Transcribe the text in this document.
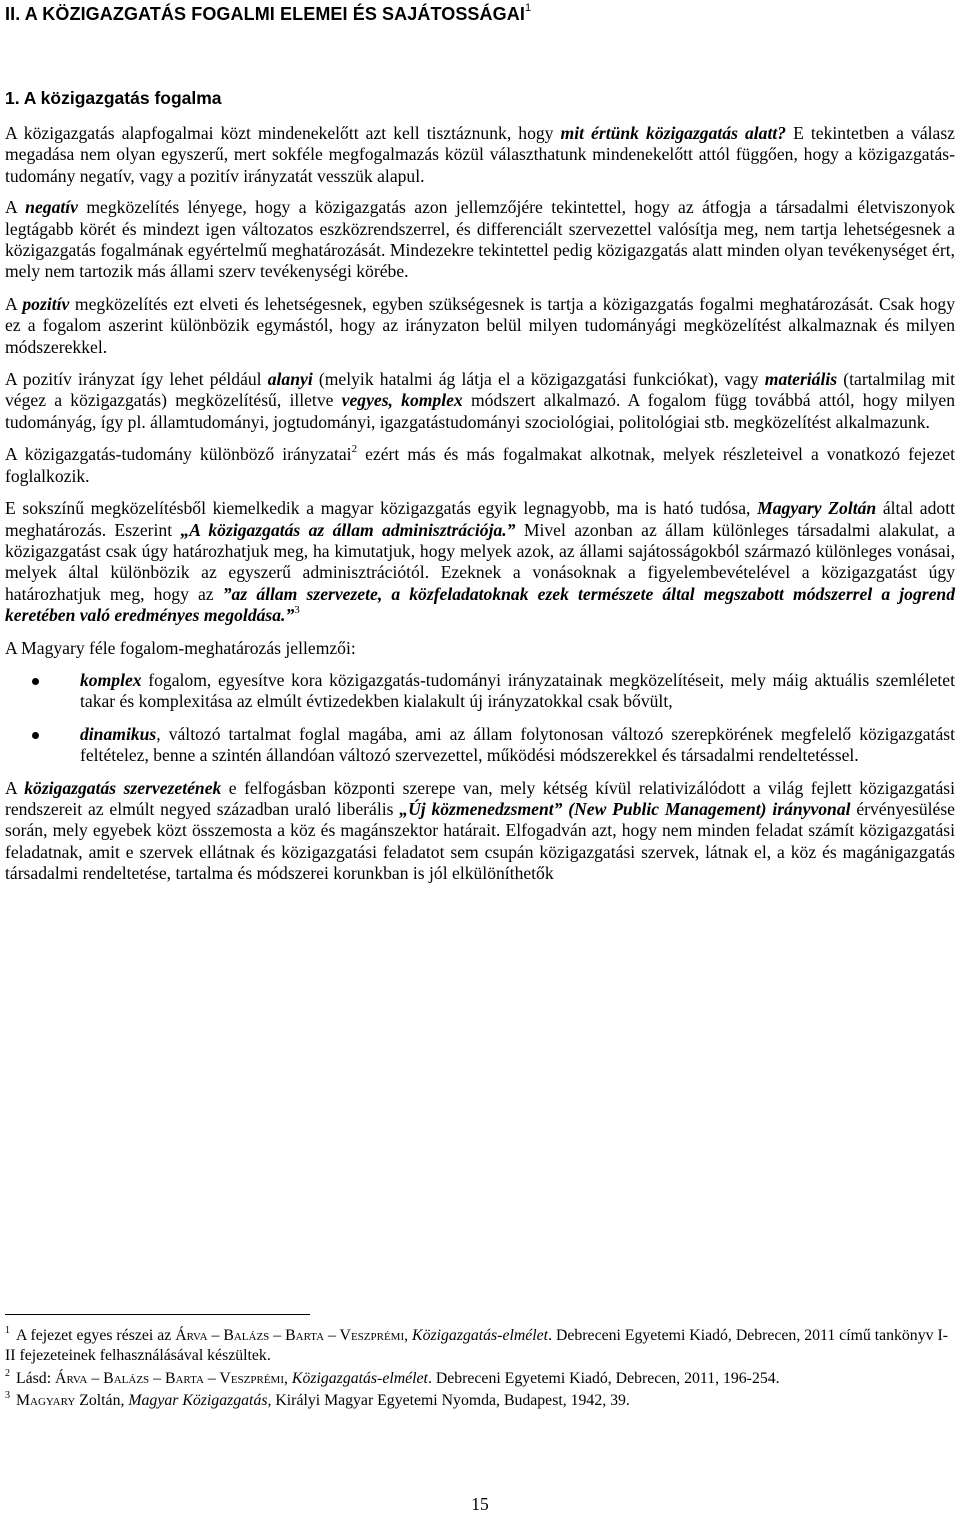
II. A KÖZIGAZGATÁS FOGALMI ELEMEI ÉS SAJÁTOSSÁGAI$^1$
1. A közigazgatás fogalma

A közigazgatás alapfogalmai közt mindenekelőtt azt kell tisztáznunk, hogy mit értünk közigazgatás alatt? E tekintetben a válasz megadása nem olyan egyszerű, mert sokféle megfogalmazás közül választhatunk mindenekelőtt attól függően, hogy a közigazgatás-tudomány negatív, vagy a pozitív irányzatát vesszük alapul.

A negatív megközelítés lényege, hogy a közigazgatás azon jellemzőjére tekintettel, hogy az átfogja a társadalmi életviszonyok legtágabb körét és mindezt igen változatos eszközrendszerrel, és differenciált szervezettel valósítja meg, nem tartja lehetségesnek a közigazgatás fogalmának egyértelmű meghatározását. Mindezekre tekintettel pedig közigazgatás alatt minden olyan tevékenységet ért, mely nem tartozik más állami szerv tevékenységi körébe.

A pozitív megközelítés ezt elveti és lehetségesnek, egyben szükségesnek is tartja a közigazgatás fogalmi meghatározását. Csak hogy ez a fogalom aszerint különbözik egymástól, hogy az irányzaton belül milyen tudományági megközelítést alkalmaznak és milyen módszerekkel.

A pozitív irányzat így lehet például alanyi (melyik hatalmi ág látja el a közigazgatási funkciókat), vagy materiális (tartalmilag mit végez a közigazgatás) megközelítésű, illetve vegyes, komplex módszert alkalmazó. A fogalom függ továbbá attól, hogy milyen tudományág, így pl. államtudományi, jogtudományi, igazgatástudományi szociológiai, politológiai stb. megközelítést alkalmazunk.

A közigazgatás-tudomány különböző irányzatai$^2$ ezért más és más fogalmakat alkotnak, melyek részleteivel a vonatkozó fejezet foglalkozik.

E sokszínű megközelítésből kiemelkedik a magyar közigazgatás egyik legnagyobb, ma is ható tudósa, Magyary Zoltán által adott meghatározás. Eszerint „A közigazgatás az állam adminisztrációja.” Mivel azonban az állam különleges társadalmi alakulat, a közigazgatást csak úgy határozhatjuk meg, ha kimutatjuk, hogy melyek azok, az állami sajátosságokból származó különleges vonásai, melyek által különbözik az egyszerű adminisztrációtól. Ezeknek a vonásoknak a figyelembevételével a közigazgatást úgy határozhatjuk meg, hogy az ”az állam szervezete, a közfeladatoknak ezek természete által megszabott módszerrel a jogrend keretében való eredményes megoldása.”$^3$

A Magyary féle fogalom-meghatározás jellemzői:

komplex fogalom, egyesítve kora közigazgatás-tudományi irányzatainak megközelítéseit, mely máig aktuális szemléletet takar és komplexitása az elmúlt évtizedekben kialakult új irányzatokkal csak bővült,
dinamikus, változó tartalmat foglal magába, ami az állam folytonosan változó szerepkörének megfelelő közigazgatást feltételez, benne a szintén állandóan változó szervezettel, működési módszerekkel és társadalmi rendeltetéssel.

A közigazgatás szervezetének e felfogásban központi szerepe van, mely kétség kívül relativizálódott a világ fejlett közigazgatási rendszereit az elmúlt negyed században uraló liberális „Új közmenedzsment” (New Public Management) irányvonal érvényesülése során, mely egyebek közt összemosta a köz és magánszektor határait. Elfogadván azt, hogy nem minden feladat számít közigazgatási feladatnak, amit e szervek ellátnak és közigazgatási feladatot sem csupán közigazgatási szervek, látnak el, a köz és magánigazgatás társadalmi rendeltetése, tartalma és módszerei korunkban is jól elkülöníthetők

$^1$ A fejezet egyes részei az Árva – Balázs – Barta – Veszprémi, Közigazgatás-elmélet. Debreceni Egyetemi Kiadó, Debrecen, 2011 című tankönyv I-II fejezeteinek felhasználásával készültek.
$^2$ Lásd: Árva – Balázs – Barta – Veszprémi, Közigazgatás-elmélet. Debreceni Egyetemi Kiadó, Debrecen, 2011, 196-254.
$^3$ Magyary Zoltán, Magyar Közigazgatás, Királyi Magyar Egyetemi Nyomda, Budapest, 1942, 39.
15
